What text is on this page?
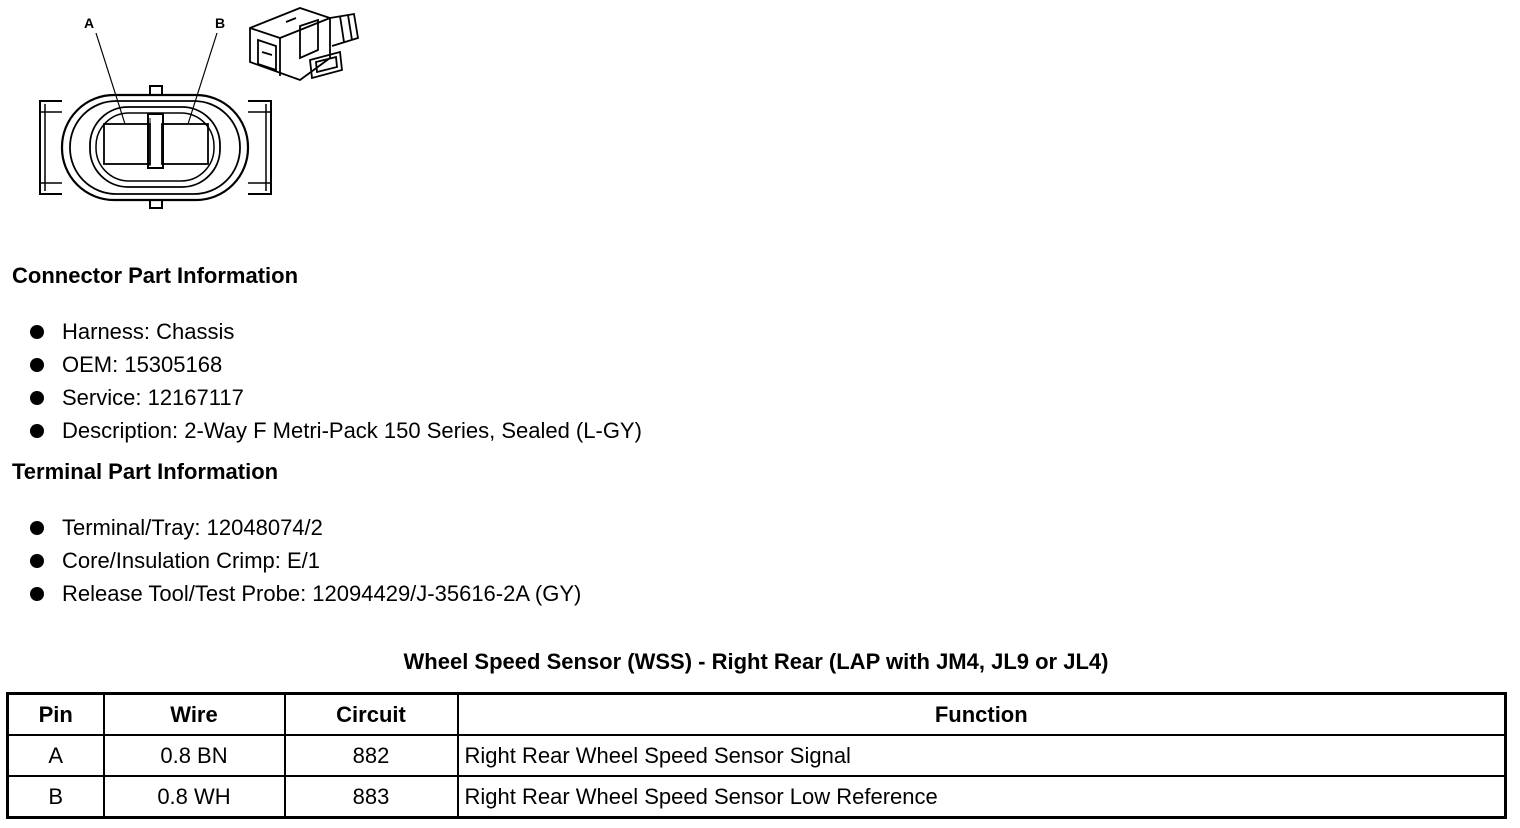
A	B
Connector Part Information
Harness: Chassis
OEM: 15305168
Service: 12167117
Description: 2-Way F Metri-Pack 150 Series, Sealed (L-GY)
Terminal Part Information
Terminal/Tray: 12048074/2
Core/Insulation Crimp: E/1
Release Tool/Test Probe: 12094429/J-35616-2A (GY)
Wheel Speed Sensor (WSS) - Right Rear (LAP with JM4, JL9 or JL4)
Pin	Wire	Circuit	Function
A	0.8 BN	882	Right Rear Wheel Speed Sensor Signal
B	0.8 WH	883	Right Rear Wheel Speed Sensor Low Reference
